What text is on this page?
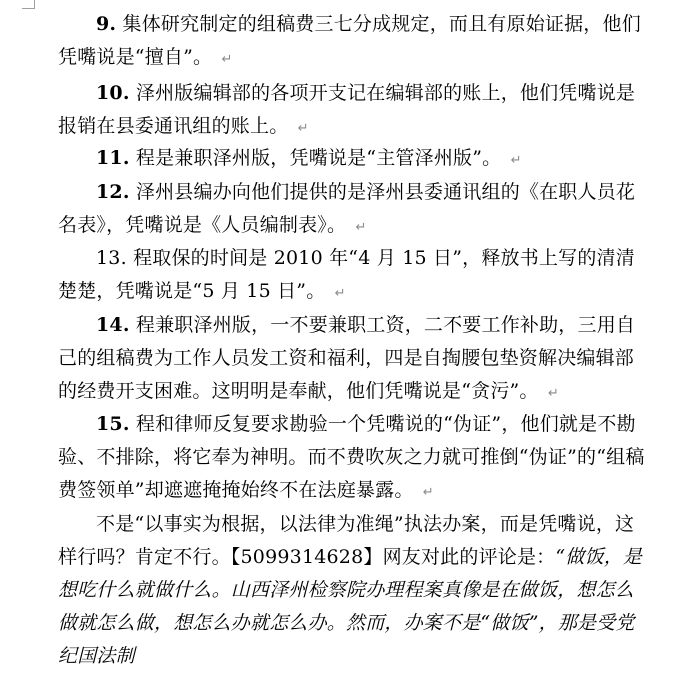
9. 集体研究制定的组稿费三七分成规定，而且有原始证据，他们凭嘴说是“擅自”。 ↵
10. 泽州版编辑部的各项开支记在编辑部的账上，他们凭嘴说是报销在县委通讯组的账上。 ↵
11. 程是兼职泽州版，凭嘴说是“主管泽州版”。 ↵
12. 泽州县编办向他们提供的是泽州县委通讯组的《在职人员花名表》，凭嘴说是《人员编制表》。 ↵
13. 程取保的时间是 2010 年“4 月 15 日”，释放书上写的清清楚楚，凭嘴说是“5 月 15 日”。 ↵
14. 程兼职泽州版，一不要兼职工资，二不要工作补助，三用自己的组稿费为工作人员发工资和福利，四是自掏腰包垫资解决编辑部的经费开支困难。这明明是奉献，他们凭嘴说是“贪污”。 ↵
15. 程和律师反复要求勘验一个凭嘴说的“伪证”，他们就是不勘验、不排除，将它奉为神明。而不费吹灰之力就可推倒“伪证”的“组稿费签领单”却遮遮掩掩始终不在法庭暴露。 ↵
不是“以事实为根据，以法律为准绳”执法办案，而是凭嘴说，这样行吗？肯定不行。【5099314628】网友对此的评论是：“做饭，是想吃什么就做什么。山西泽州检察院办理程案真像是在做饭，想怎么做就怎么做，想怎么办就怎么办。然而，办案不是“做饭”，那是受党纪国法制
